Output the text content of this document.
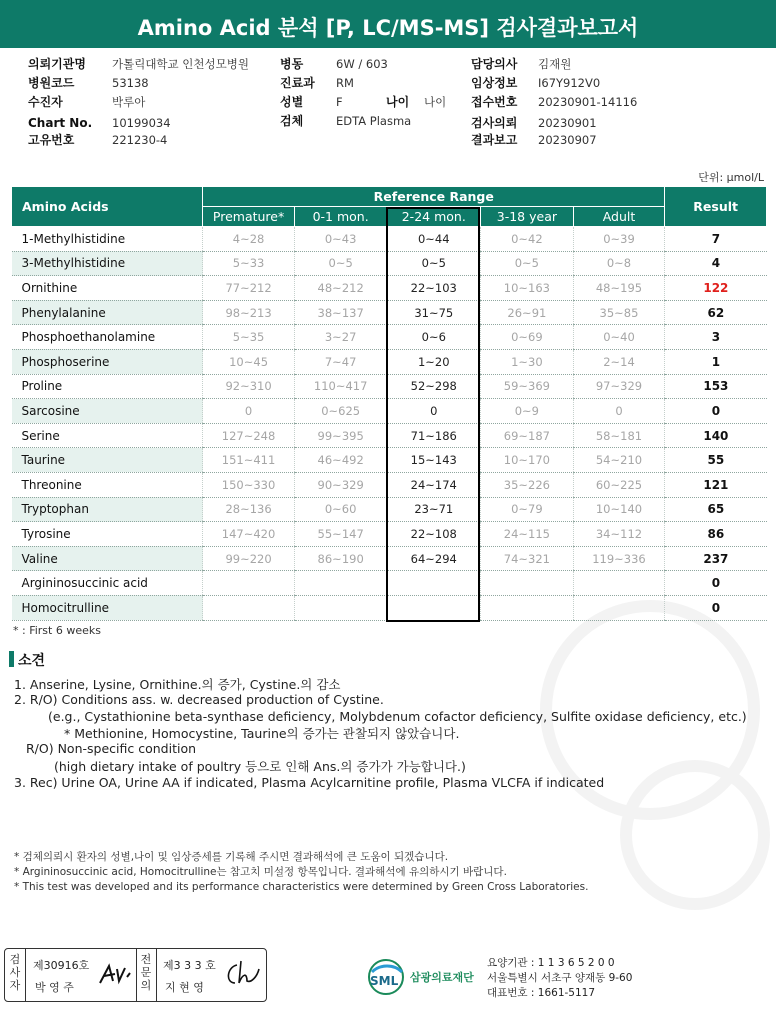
Amino Acid 분석 [P, LC/MS-MS] 검사결과보고서
의뢰기관명 가톨릭대학교 인천성모병원
병원코드	53138
수진자	박루아
Chart No. 10199034
고유번호	221230-4
병동	6W / 603
진료과 RM
성별	F	나이 나이
검체	EDTA Plasma
담당의사 김재원
임상정보 I67Y912V0
접수번호 20230901-14116
검사의뢰 20230901
결과보고 20230907
단위: μmol/L
Amino Acids	Reference Range					Result
	Premature*	0-1 mon.	2-24 mon.	3-18 year	Adult	
1-Methylhistidine	4~28	0~43	0~44	0~42	0~39	7
3-Methylhistidine	5~33	0~5	0~5	0~5	0~8	4
Ornithine	77~212	48~212	22~103	10~163	48~195	122
Phenylalanine	98~213	38~137	31~75	26~91	35~85	62
Phosphoethanolamine	5~35	3~27	0~6	0~69	0~40	3
Phosphoserine	10~45	7~47	1~20	1~30	2~14	1
Proline	92~310	110~417	52~298	59~369	97~329	153
Sarcosine	0	0~625	0	0~9	0	0
Serine	127~248	99~395	71~186	69~187	58~181	140
Taurine	151~411	46~492	15~143	10~170	54~210	55
Threonine	150~330	90~329	24~174	35~226	60~225	121
Tryptophan	28~136	0~60	23~71	0~79	10~140	65
Tyrosine	147~420	55~147	22~108	24~115	34~112	86
Valine	99~220	86~190	64~294	74~321	119~336	237
Argininosuccinic acid						0
Homocitrulline						0
* : First 6 weeks
소견
1. Anserine, Lysine, Ornithine.의 증가, Cystine.의 감소
2. R/O) Conditions ass. w. decreased production of Cystine.
(e.g., Cystathionine beta-synthase deficiency, Molybdenum cofactor deficiency, Sulfite oxidase deficiency, etc.)
* Methionine, Homocystine, Taurine의 증가는 관찰되지 않았습니다.
R/O) Non-specific condition
(high dietary intake of poultry 등으로 인해 Ans.의 증가가 가능합니다.)
3. Rec) Urine OA, Urine AA if indicated, Plasma Acylcarnitine profile, Plasma VLCFA if indicated
* 검체의뢰시 환자의 성별,나이 및 임상증세를 기록해 주시면 결과해석에 큰 도움이 되겠습니다.
* Argininosuccinic acid, Homocitrulline는 참고치 미설정 항목입니다. 결과해석에 유의하시기 바랍니다.
* This test was developed and its performance characteristics were determined by Green Cross Laboratories.
검사자
제30916호
박 영 주
전문의
제3 3 3 호
지 현 영	SML 삼광의료재단
요양기관 : 1 1 3 6 5 2 0 0
서울특별시 서초구 양재동 9-60
대표번호 : 1661-5117
